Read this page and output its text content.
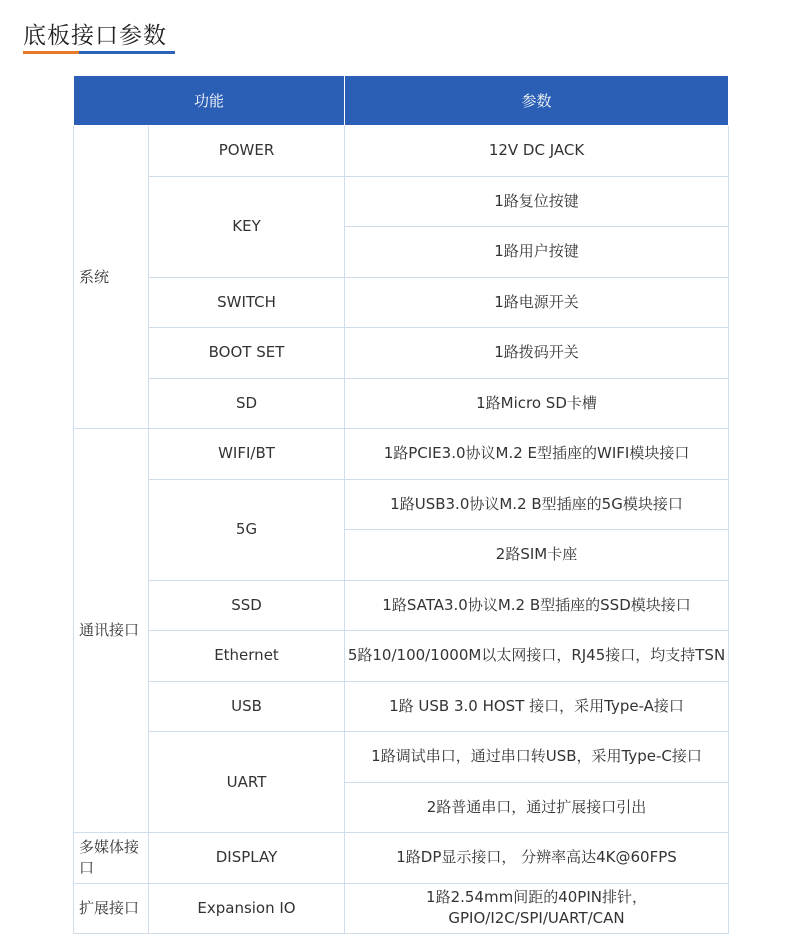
底板接口参数
功能		参数
系统	POWER	12V DC JACK
	KEY	1路复位按键
		1路用户按键
	SWITCH	1路电源开关
	BOOT SET	1路拨码开关
	SD	1路Micro SD卡槽
通讯接口	WIFI/BT	1路PCIE3.0协议M.2 E型插座的WIFI模块接口
	5G	1路USB3.0协议M.2 B型插座的5G模块接口
		2路SIM卡座
	SSD	1路SATA3.0协议M.2 B型插座的SSD模块接口
	Ethernet	5路10/100/1000M以太网接口，RJ45接口，均支持TSN
	USB	1路 USB 3.0 HOST 接口，采用Type-A接口
	UART	1路调试串口，通过串口转USB，采用Type-C接口
		2路普通串口，通过扩展接口引出
多媒体接口	DISPLAY	1路DP显示接口， 分辨率高达4K@60FPS
扩展接口	Expansion IO	1路2.54mm间距的40PIN排针，GPIO/I2C/SPI/UART/CAN
